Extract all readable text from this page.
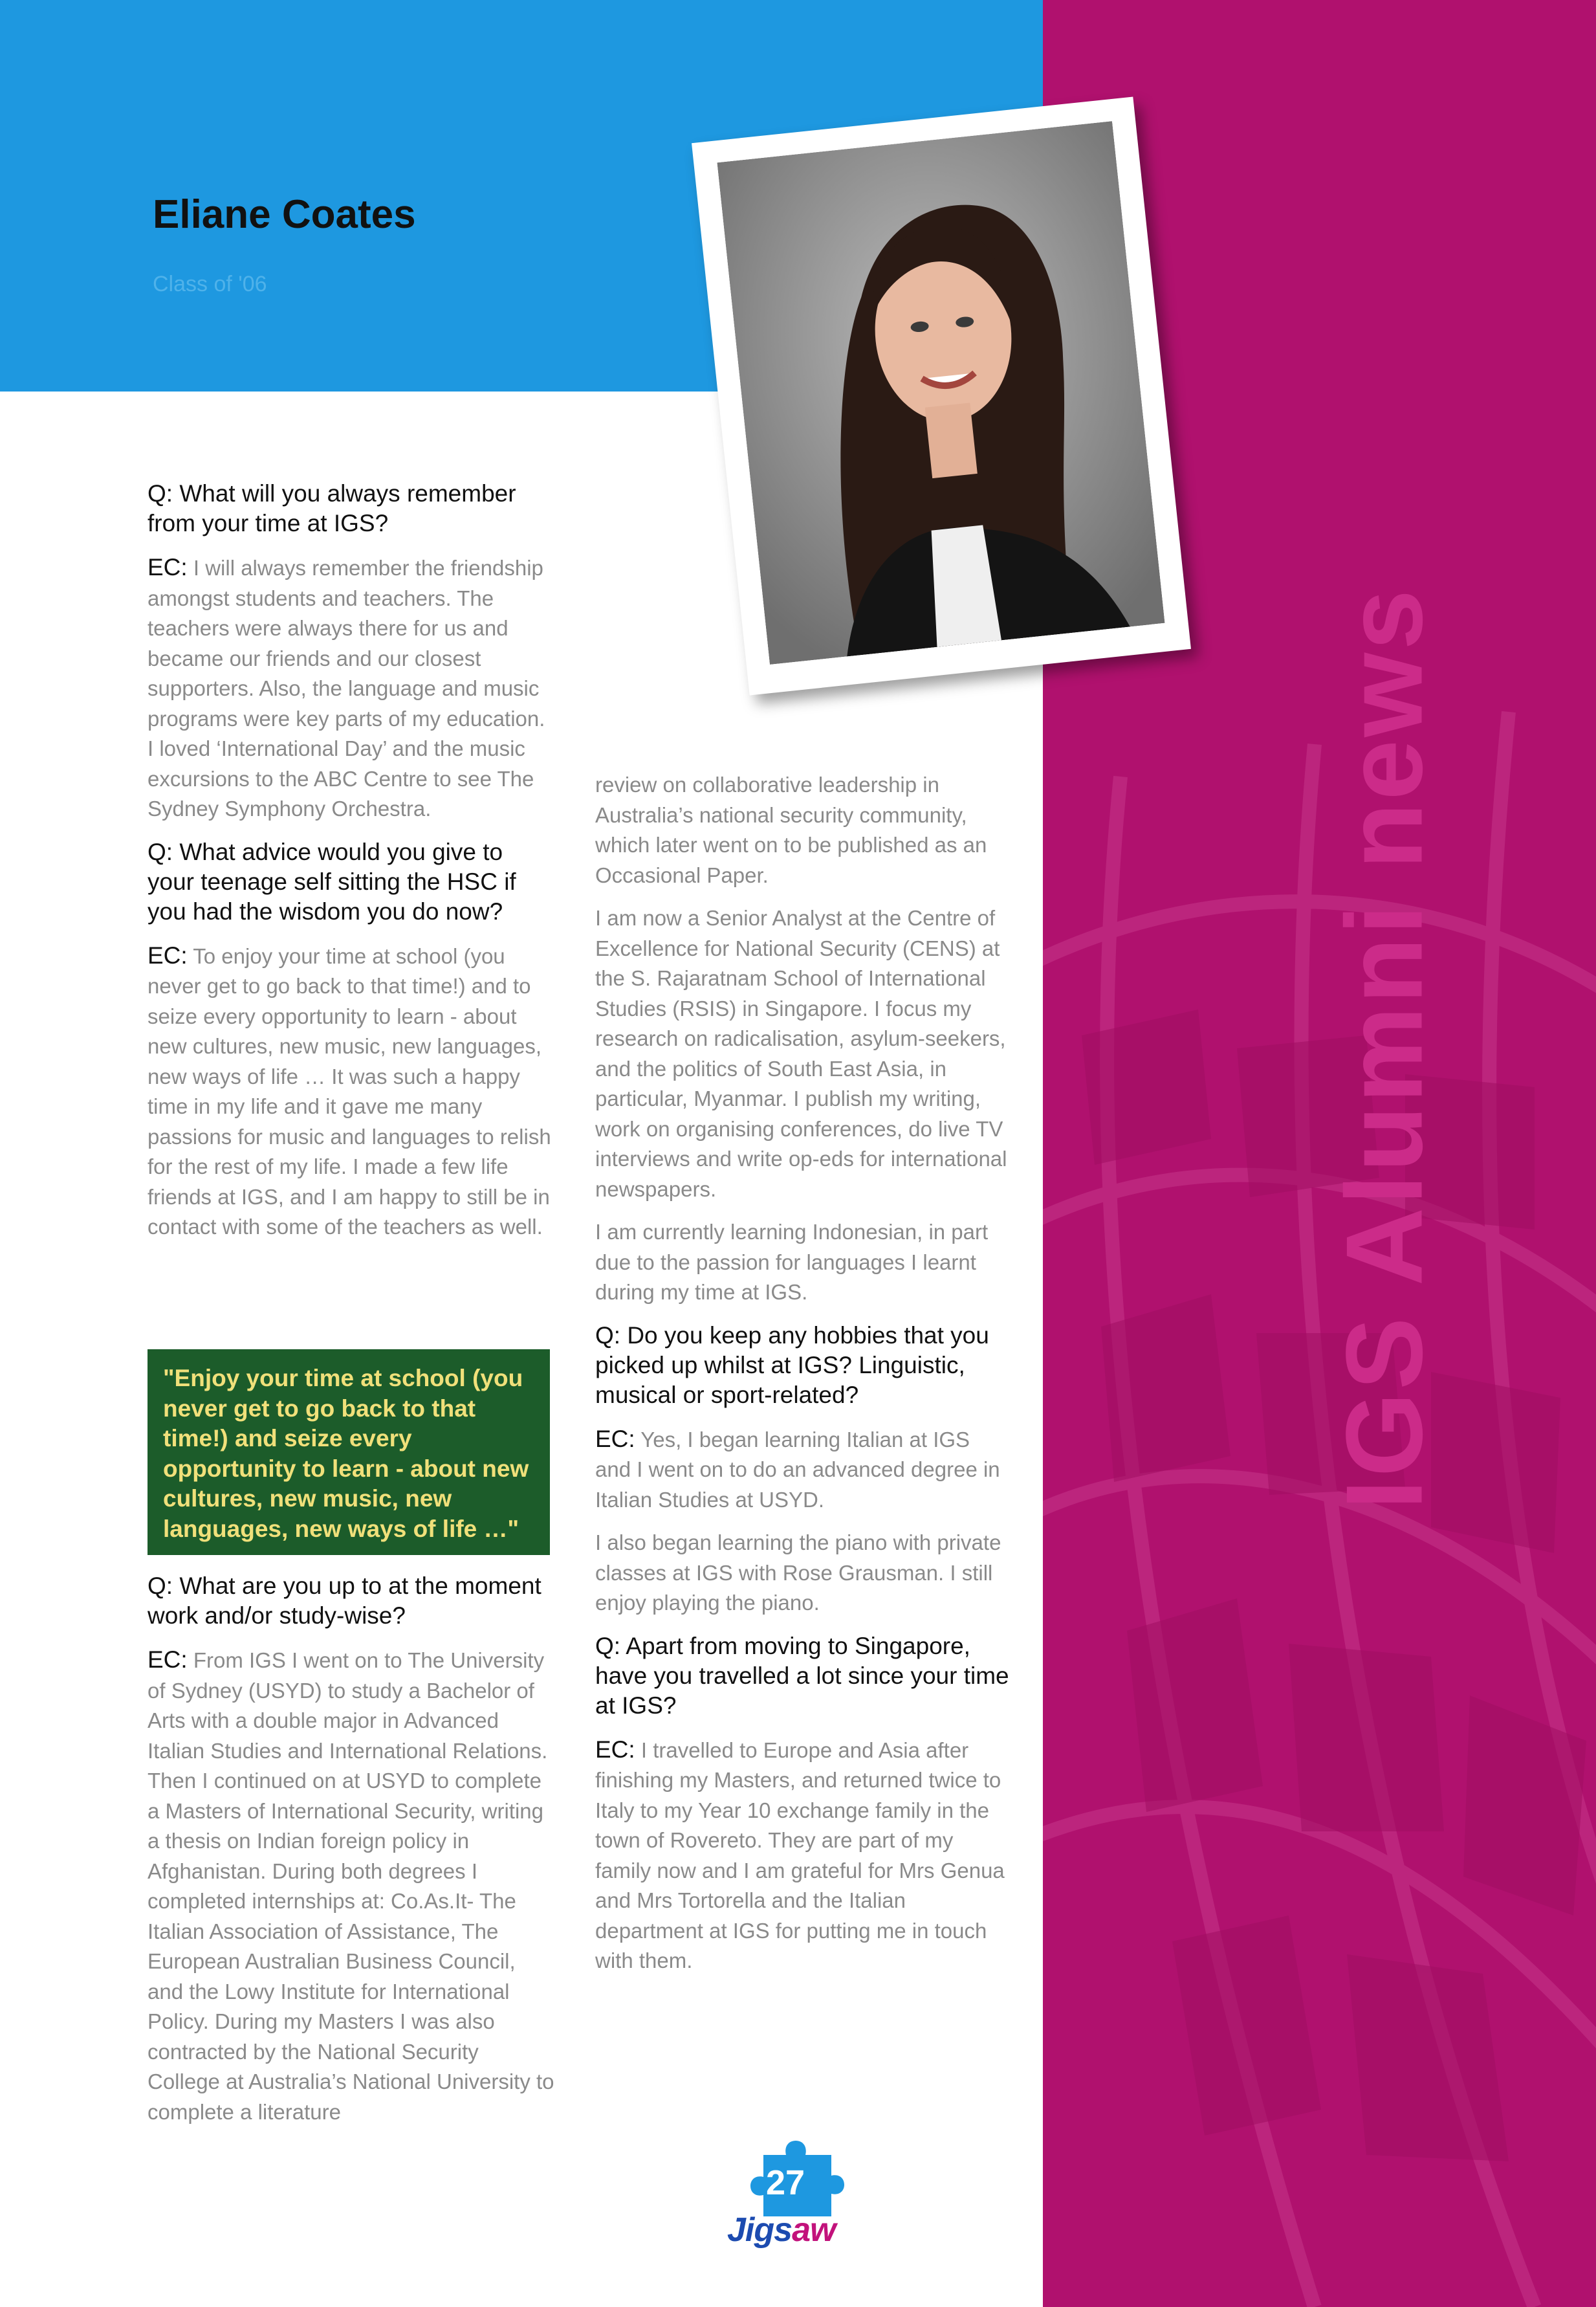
IGS Alumni news
Eliane Coates
Class of '06
Q: What will you always remember from your time at IGS?
EC: I will always remember the friendship amongst students and teachers. The teachers were always there for us and became our friends and our closest supporters. Also, the language and music programs were key parts of my education. I loved ‘International Day’ and the music excursions to the ABC Centre to see The Sydney Symphony Orchestra.
Q: What advice would you give to your teenage self sitting the HSC if you had the wisdom you do now?
EC: To enjoy your time at school (you never get to go back to that time!) and to seize every opportunity to learn - about new cultures, new music, new languages, new ways of life … It was such a happy time in my life and it gave me many passions for music and languages to relish for the rest of my life. I made a few life friends at IGS, and I am happy to still be in contact with some of the teachers as well.
"Enjoy your time at school (you never get to go back to that time!) and seize every opportunity to learn - about new cultures, new music, new languages, new ways of life …"
Q: What are you up to at the moment work and/or study-wise?
EC: From IGS I went on to The University of Sydney (USYD) to study a Bachelor of Arts with a double major in Advanced Italian Studies and International Relations. Then I continued on at USYD to complete a Masters of International Security, writing a thesis on Indian foreign policy in Afghanistan. During both degrees I completed internships at: Co.As.It- The Italian Association of Assistance, The European Australian Business Council, and the Lowy Institute for International Policy. During my Masters I was also contracted by the National Security College at Australia’s National University to complete a literature
review on collaborative leadership in Australia’s national security community, which later went on to be published as an Occasional Paper.
I am now a Senior Analyst at the Centre of Excellence for National Security (CENS) at the S. Rajaratnam School of International Studies (RSIS) in Singapore. I focus my research on radicalisation, asylum-seekers, and the politics of South East Asia, in particular, Myanmar. I publish my writing, work on organising conferences, do live TV interviews and write op-eds for international newspapers.
I am currently learning Indonesian, in part due to the passion for languages I learnt during my time at IGS.
Q: Do you keep any hobbies that you picked up whilst at IGS? Linguistic, musical or sport-related?
EC: Yes, I began learning Italian at IGS and I went on to do an advanced degree in Italian Studies at USYD.
I also began learning the piano with private classes at IGS with Rose Grausman. I still enjoy playing the piano.
Q: Apart from moving to Singapore, have you travelled a lot since your time at IGS?
EC: I travelled to Europe and Asia after finishing my Masters, and returned twice to Italy to my Year 10 exchange family in the town of Rovereto. They are part of my family now and I am grateful for Mrs Genua and Mrs Tortorella and the Italian department at IGS for putting me in touch with them.
27
Jigsaw
